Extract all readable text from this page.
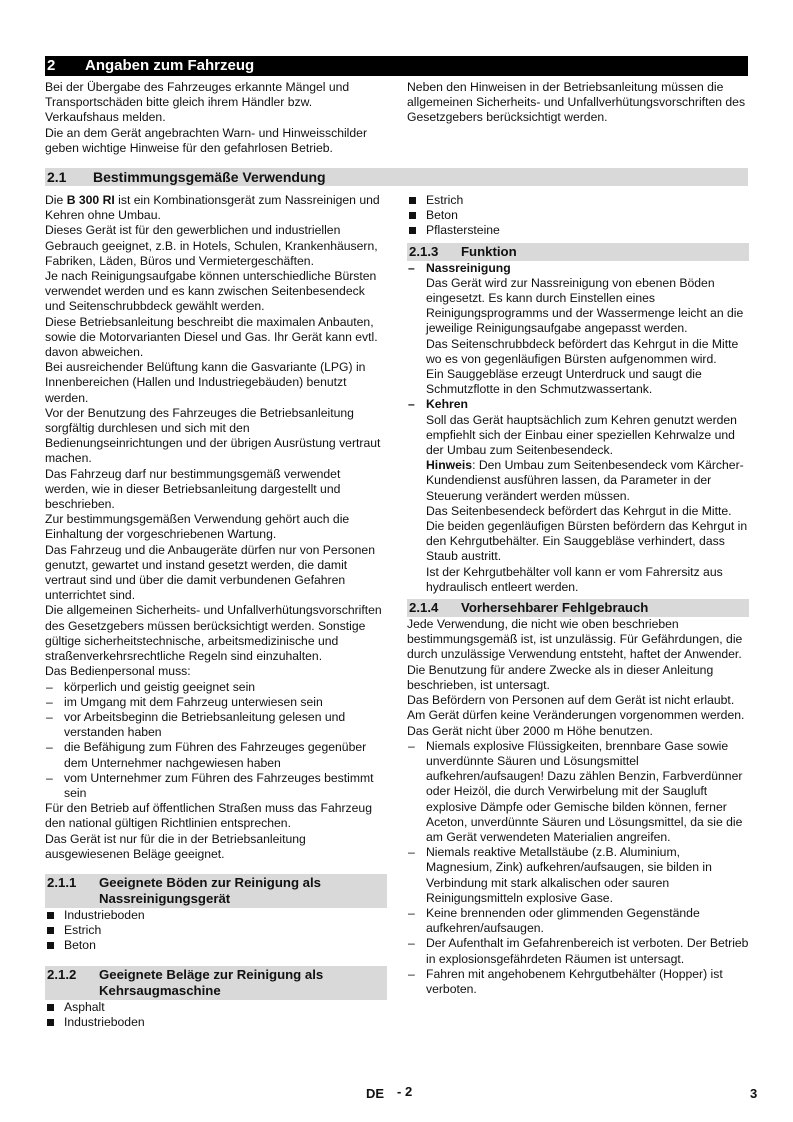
2 Angaben zum Fahrzeug

Bei der Übergabe des Fahrzeuges erkannte Mängel und Transportschäden bitte gleich ihrem Händler bzw. Verkaufshaus melden.

Die an dem Gerät angebrachten Warn- und Hinweisschilder geben wichtige Hinweise für den gefahrlosen Betrieb.

Neben den Hinweisen in der Betriebsanleitung müssen die allgemeinen Sicherheits- und Unfallverhütungsvorschriften des Gesetzgebers berücksichtigt werden.

2.1 Bestimmungsgemäße Verwendung

Die B 300 RI ist ein Kombinationsgerät zum Nassreinigen und Kehren ohne Umbau.

Dieses Gerät ist für den gewerblichen und industriellen Gebrauch geeignet, z.B. in Hotels, Schulen, Krankenhäusern, Fabriken, Läden, Büros und Vermietergeschäften.

Je nach Reinigungsaufgabe können unterschiedliche Bürsten verwendet werden und es kann zwischen Seitenbesendeck und Seitenschrubbdeck gewählt werden.

Diese Betriebsanleitung beschreibt die maximalen Anbauten, sowie die Motorvarianten Diesel und Gas. Ihr Gerät kann evtl. davon abweichen.

Bei ausreichender Belüftung kann die Gasvariante (LPG) in Innenbereichen (Hallen und Industriegebäuden) benutzt werden.

Vor der Benutzung des Fahrzeuges die Betriebsanleitung sorgfältig durchlesen und sich mit den Bedienungseinrichtungen und der übrigen Ausrüstung vertraut machen.

Das Fahrzeug darf nur bestimmungsgemäß verwendet werden, wie in dieser Betriebsanleitung dargestellt und beschrieben.

Zur bestimmungsgemäßen Verwendung gehört auch die Einhaltung der vorgeschriebenen Wartung.

Das Fahrzeug und die Anbaugeräte dürfen nur von Personen genutzt, gewartet und instand gesetzt werden, die damit vertraut sind und über die damit verbundenen Gefahren unterrichtet sind.

Die allgemeinen Sicherheits- und Unfallverhütungsvorschriften des Gesetzgebers müssen berücksichtigt werden. Sonstige gültige sicherheitstechnische, arbeitsmedizinische und straßenverkehrsrechtliche Regeln sind einzuhalten.

Das Bedienpersonal muss:

– körperlich und geistig geeignet sein
– im Umgang mit dem Fahrzeug unterwiesen sein
– vor Arbeitsbeginn die Betriebsanleitung gelesen und verstanden haben
– die Befähigung zum Führen des Fahrzeuges gegenüber dem Unternehmer nachgewiesen haben
– vom Unternehmer zum Führen des Fahrzeuges bestimmt sein

Für den Betrieb auf öffentlichen Straßen muss das Fahrzeug den national gültigen Richtlinien entsprechen.

Das Gerät ist nur für die in der Betriebsanleitung ausgewiesenen Beläge geeignet.

2.1.1	Geeignete Böden zur Reinigung als Nassreinigungsgerät
Industrieboden
Estrich
Beton
2.1.2	Geeignete Beläge zur Reinigung als Kehrsaugmaschine
Asphalt
Industrieboden
Estrich
Beton
Pflastersteine
2.1.3	Funktion
– Nassreinigung

Das Gerät wird zur Nassreinigung von ebenen Böden eingesetzt. Es kann durch Einstellen eines Reinigungsprogramms und der Wassermenge leicht an die jeweilige Reinigungsaufgabe angepasst werden.

Das Seitenschrubbdeck befördert das Kehrgut in die Mitte wo es von gegenläufigen Bürsten aufgenommen wird.

Ein Sauggebläse erzeugt Unterdruck und saugt die Schmutzflotte in den Schmutzwassertank.

– Kehren

Soll das Gerät hauptsächlich zum Kehren genutzt werden empfiehlt sich der Einbau einer speziellen Kehrwalze und der Umbau zum Seitenbesendeck.

Hinweis: Den Umbau zum Seitenbesendeck vom Kärcher-Kundendienst ausführen lassen, da Parameter in der Steuerung verändert werden müssen.

Das Seitenbesendeck befördert das Kehrgut in die Mitte. Die beiden gegenläufigen Bürsten befördern das Kehrgut in den Kehrgutbehälter. Ein Sauggebläse verhindert, dass Staub austritt.

Ist der Kehrgutbehälter voll kann er vom Fahrersitz aus hydraulisch entleert werden.

2.1.4	Vorhersehbarer Fehlgebrauch

Jede Verwendung, die nicht wie oben beschrieben bestimmungsgemäß ist, ist unzulässig. Für Gefährdungen, die durch unzulässige Verwendung entsteht, haftet der Anwender.

Die Benutzung für andere Zwecke als in dieser Anleitung beschrieben, ist untersagt.

Das Befördern von Personen auf dem Gerät ist nicht erlaubt.

Am Gerät dürfen keine Veränderungen vorgenommen werden.

Das Gerät nicht über 2000 m Höhe benutzen.

– Niemals explosive Flüssigkeiten, brennbare Gase sowie unverdünnte Säuren und Lösungsmittel aufkehren/aufsaugen! Dazu zählen Benzin, Farbverdünner oder Heizöl, die durch Verwirbelung mit der Saugluft explosive Dämpfe oder Gemische bilden können, ferner Aceton, unverdünnte Säuren und Lösungsmittel, da sie die am Gerät verwendeten Materialien angreifen.
– Niemals reaktive Metallstäube (z.B. Aluminium, Magnesium, Zink) aufkehren/aufsaugen, sie bilden in Verbindung mit stark alkalischen oder sauren Reinigungsmitteln explosive Gase.
– Keine brennenden oder glimmenden Gegenstände aufkehren/aufsaugen.
– Der Aufenthalt im Gefahrenbereich ist verboten. Der Betrieb in explosionsgefährdeten Räumen ist untersagt.
– Fahren mit angehobenem Kehrgutbehälter (Hopper) ist verboten.
DE - 2	3
